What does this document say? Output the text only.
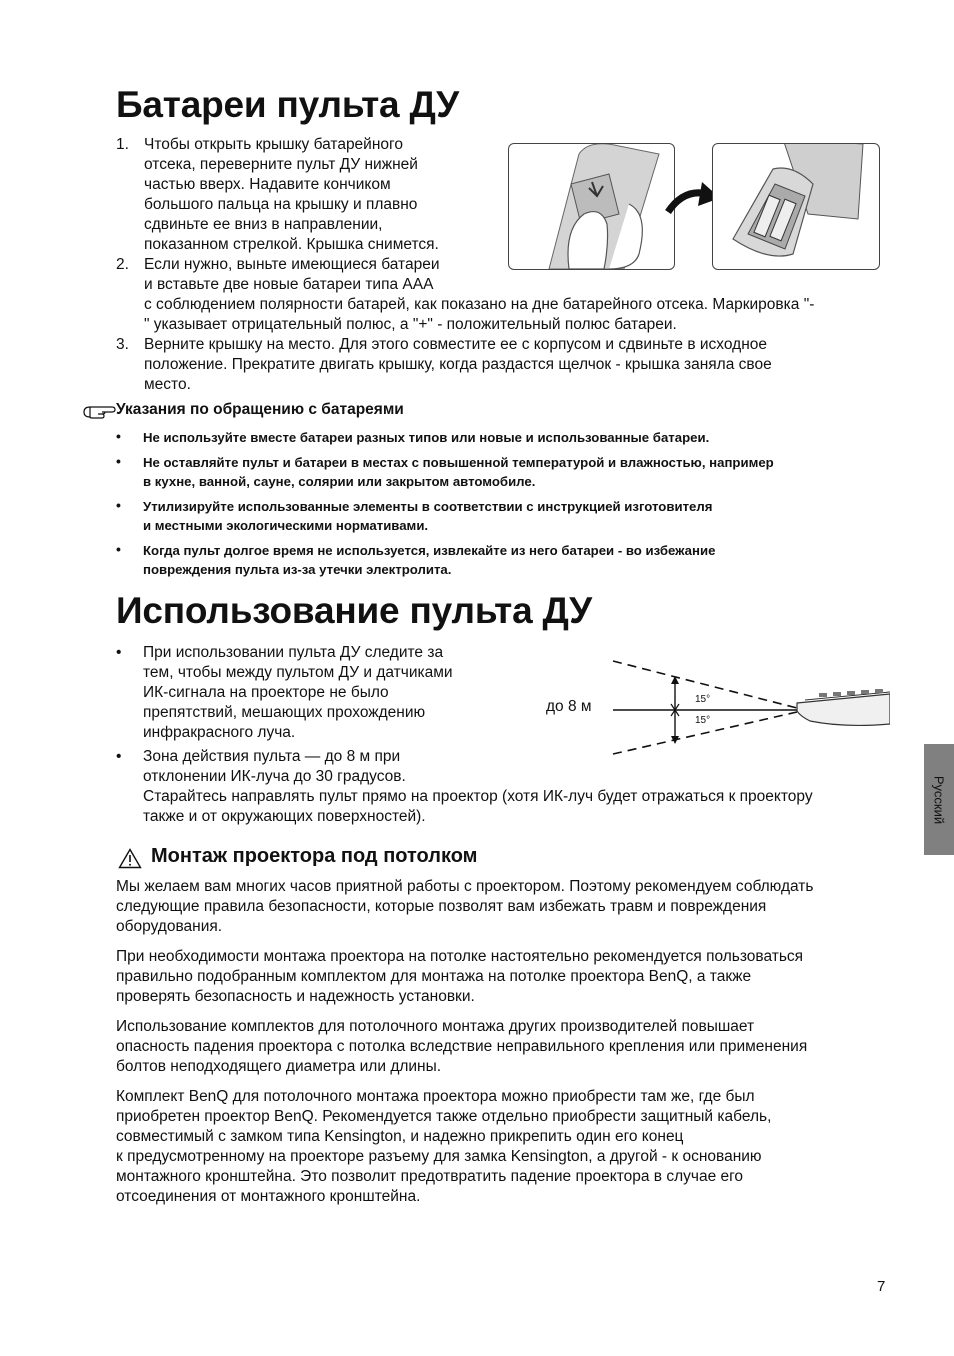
Батареи пульта ДУ
1. Чтобы открыть крышку батарейного
отсека, переверните пульт ДУ нижней
частью вверх. Надавите кончиком
большого пальца на крышку и плавно
сдвиньте ее вниз в направлении,
показанном стрелкой. Крышка снимется.
2. Если нужно, выньте имеющиеся батареи
и вставьте две новые батареи типа AAA
с соблюдением полярности батарей, как показано на дне батарейного отсека. Маркировка "-
" указывает отрицательный полюс, а "+" - положительный полюс батареи.
3. Верните крышку на место. Для этого совместите ее с корпусом и сдвиньте в исходное
положение. Прекратите двигать крышку, когда раздастся щелчок - крышка заняла свое
место.
Указания по обращению с батареями
• Не используйте вместе батареи разных типов или новые и использованные батареи.
• Не оставляйте пульт и батареи в местах с повышенной температурой и влажностью, например
в кухне, ванной, сауне, солярии или закрытом автомобиле.
• Утилизируйте использованные элементы в соответствии с инструкцией изготовителя
и местными экологическими нормативами.
• Когда пульт долгое время не используется, извлекайте из него батареи - во избежание
повреждения пульта из-за утечки электролита.
Использование пульта ДУ
• При использовании пульта ДУ следите за
тем, чтобы между пультом ДУ и датчиками
ИК-сигнала на проекторе не было
препятствий, мешающих прохождению
инфракрасного луча.
• Зона действия пульта — до 8 м при
отклонении ИК-луча до 30 градусов.
Старайтесь направлять пульт прямо на проектор (хотя ИК-луч будет отражаться к проектору
также и от окружающих поверхностей).
до 8 м	15°
15°
Монтаж проектора под потолком
Мы желаем вам многих часов приятной работы с проектором. Поэтому рекомендуем соблюдать
следующие правила безопасности, которые позволят вам избежать травм и повреждения
оборудования.
При необходимости монтажа проектора на потолке настоятельно рекомендуется пользоваться
правильно подобранным комплектом для монтажа на потолке проектора BenQ, а также
проверять безопасность и надежность установки.
Использование комплектов для потолочного монтажа других производителей повышает
опасность падения проектора с потолка вследствие неправильного крепления или применения
болтов неподходящего диаметра или длины.
Комплект BenQ для потолочного монтажа проектора можно приобрести там же, где был
приобретен проектор BenQ. Рекомендуется также отдельно приобрести защитный кабель,
совместимый с замком типа Kensington, и надежно прикрепить один его конец
к предусмотренному на проекторе разъему для замка Kensington, а другой - к основанию
монтажного кронштейна. Это позволит предотвратить падение проектора в случае его
отсоединения от монтажного кронштейна.
Русский
7
